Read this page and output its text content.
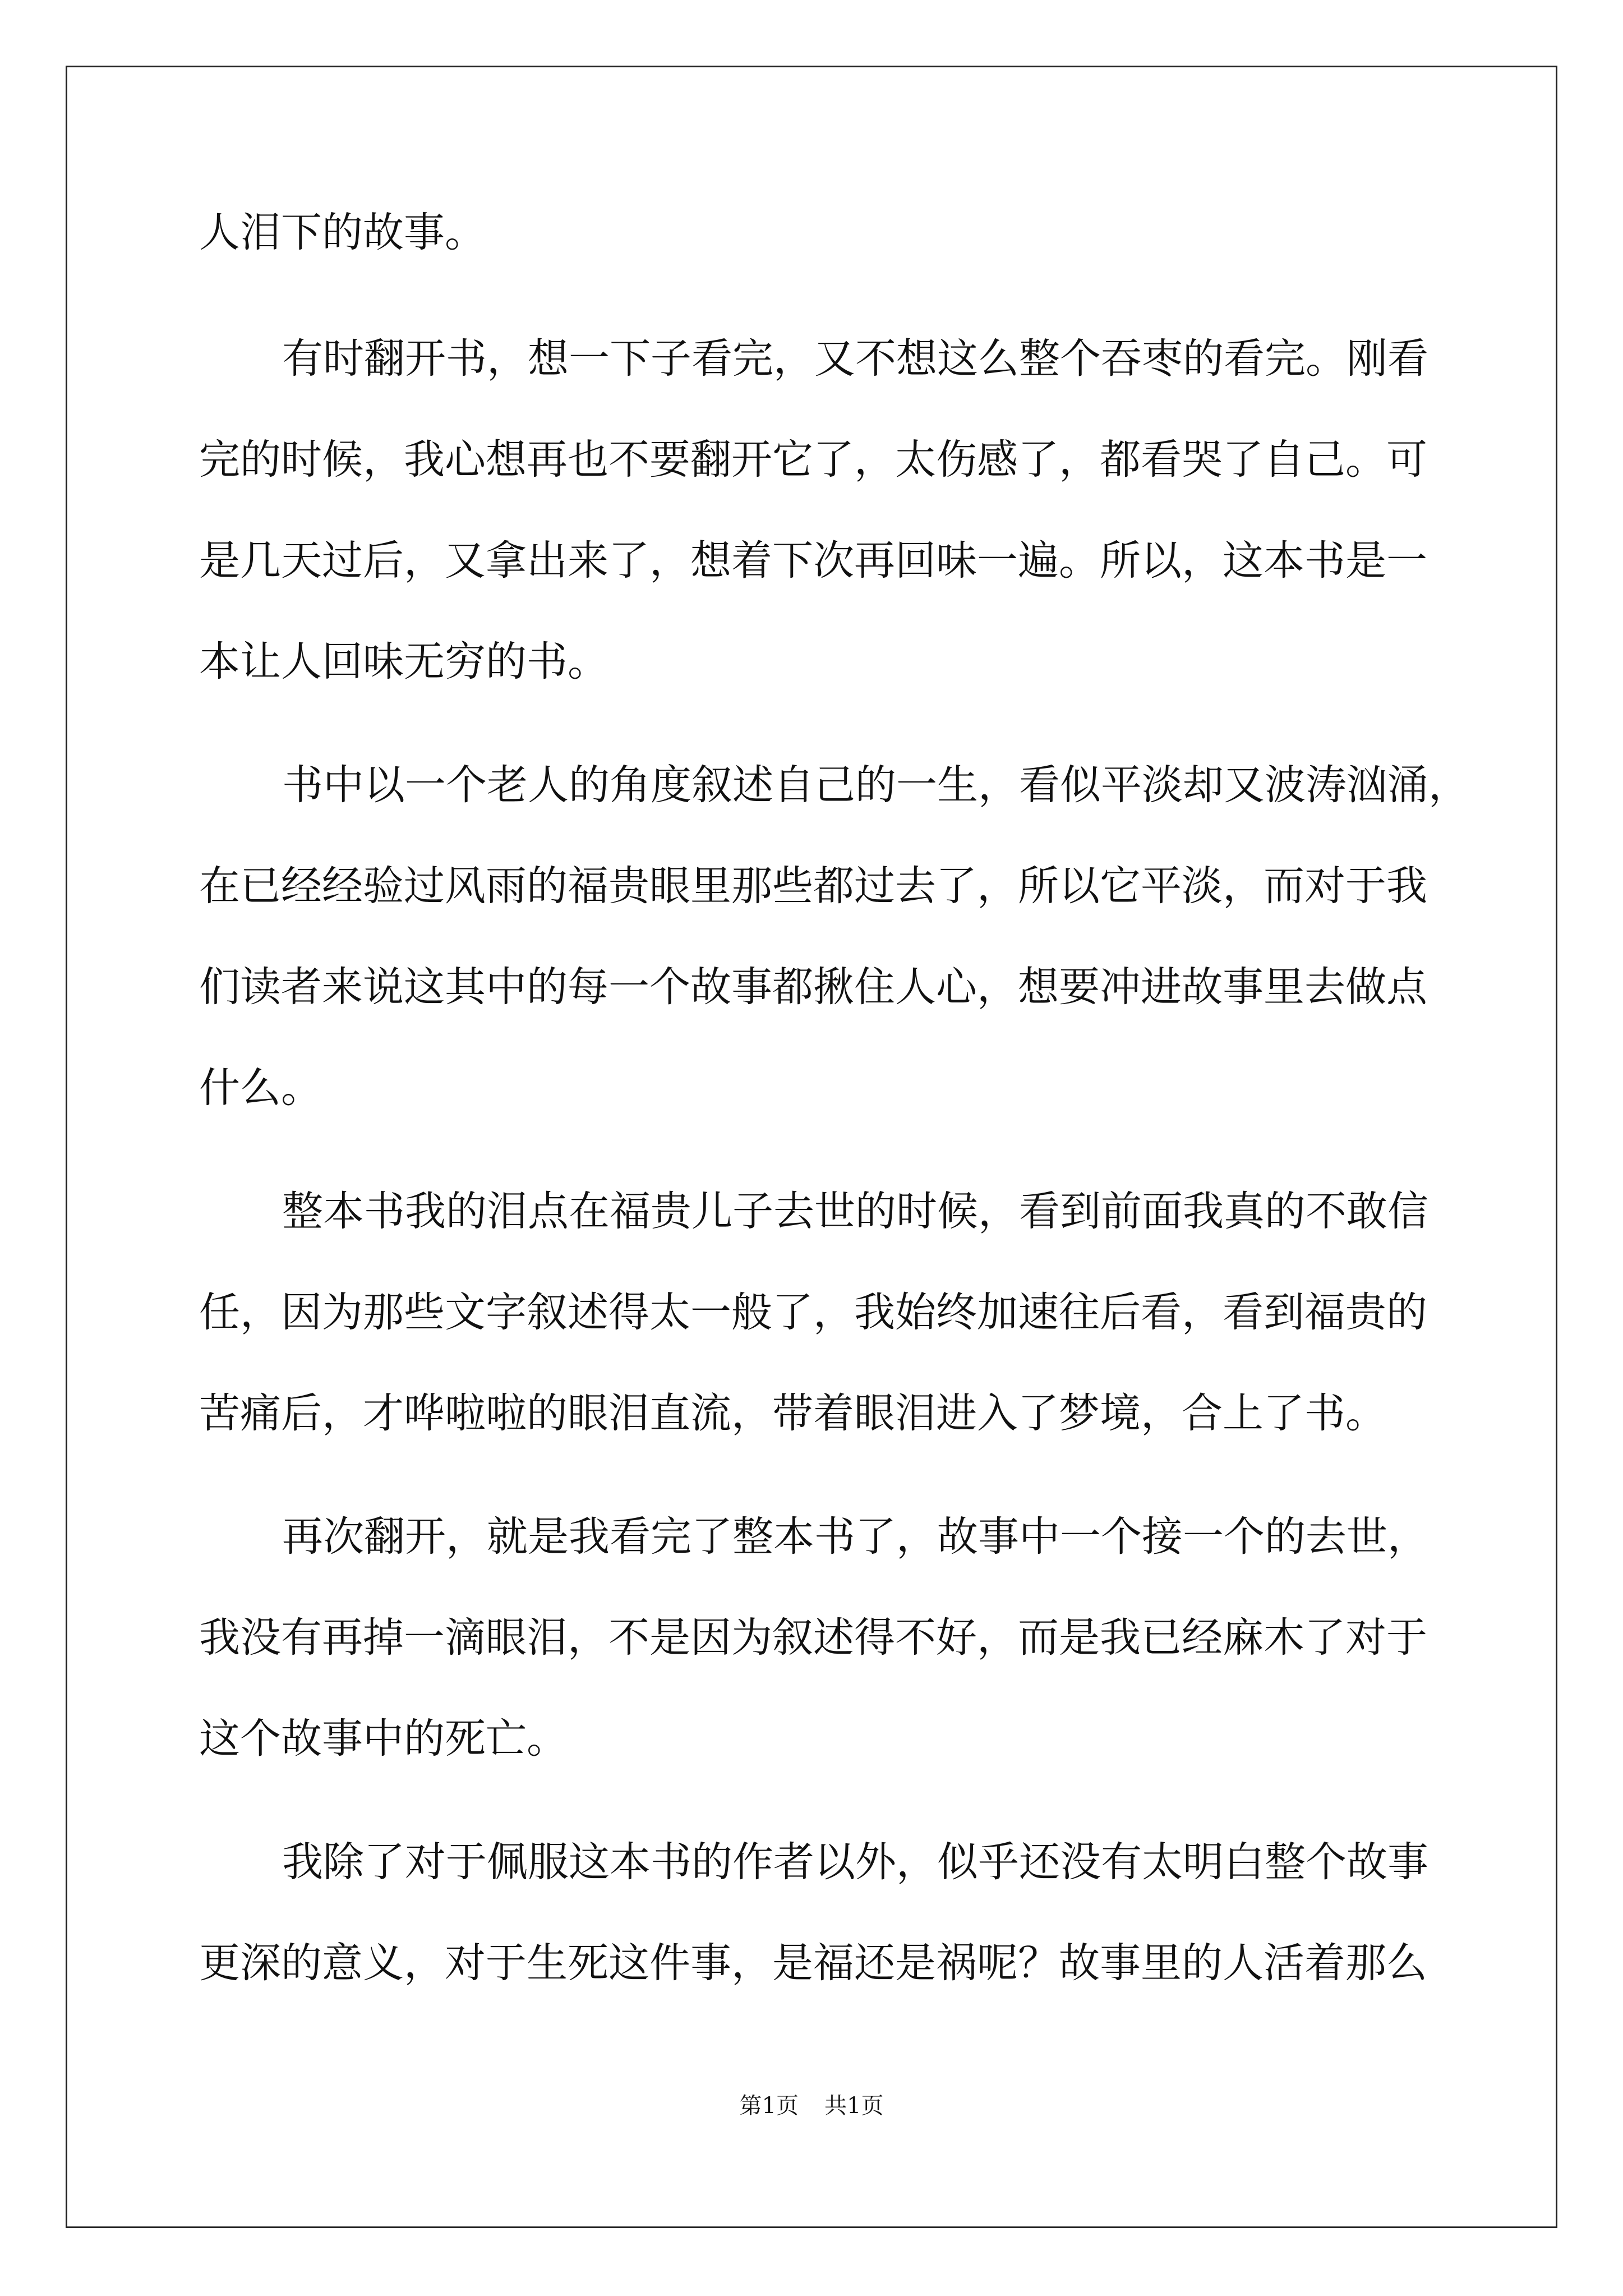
人泪下的故事。
有时翻开书，想一下子看完，又不想这么整个吞枣的看完。刚看
完的时候，我心想再也不要翻开它了，太伤感了，都看哭了自己。可
是几天过后，又拿出来了，想着下次再回味一遍。所以，这本书是一
本让人回味无穷的书。
书中以一个老人的角度叙述自己的一生，看似平淡却又波涛汹涌，
在已经经验过风雨的福贵眼里那些都过去了，所以它平淡，而对于我
们读者来说这其中的每一个故事都揪住人心，想要冲进故事里去做点
什么。
整本书我的泪点在福贵儿子去世的时候，看到前面我真的不敢信
任，因为那些文字叙述得太一般了，我始终加速往后看，看到福贵的
苦痛后，才哗啦啦的眼泪直流，带着眼泪进入了梦境，合上了书。
再次翻开，就是我看完了整本书了，故事中一个接一个的去世，
我没有再掉一滴眼泪，不是因为叙述得不好，而是我已经麻木了对于
这个故事中的死亡。
我除了对于佩服这本书的作者以外，似乎还没有太明白整个故事
更深的意义，对于生死这件事，是福还是祸呢？故事里的人活着那么
第1页 共1页
